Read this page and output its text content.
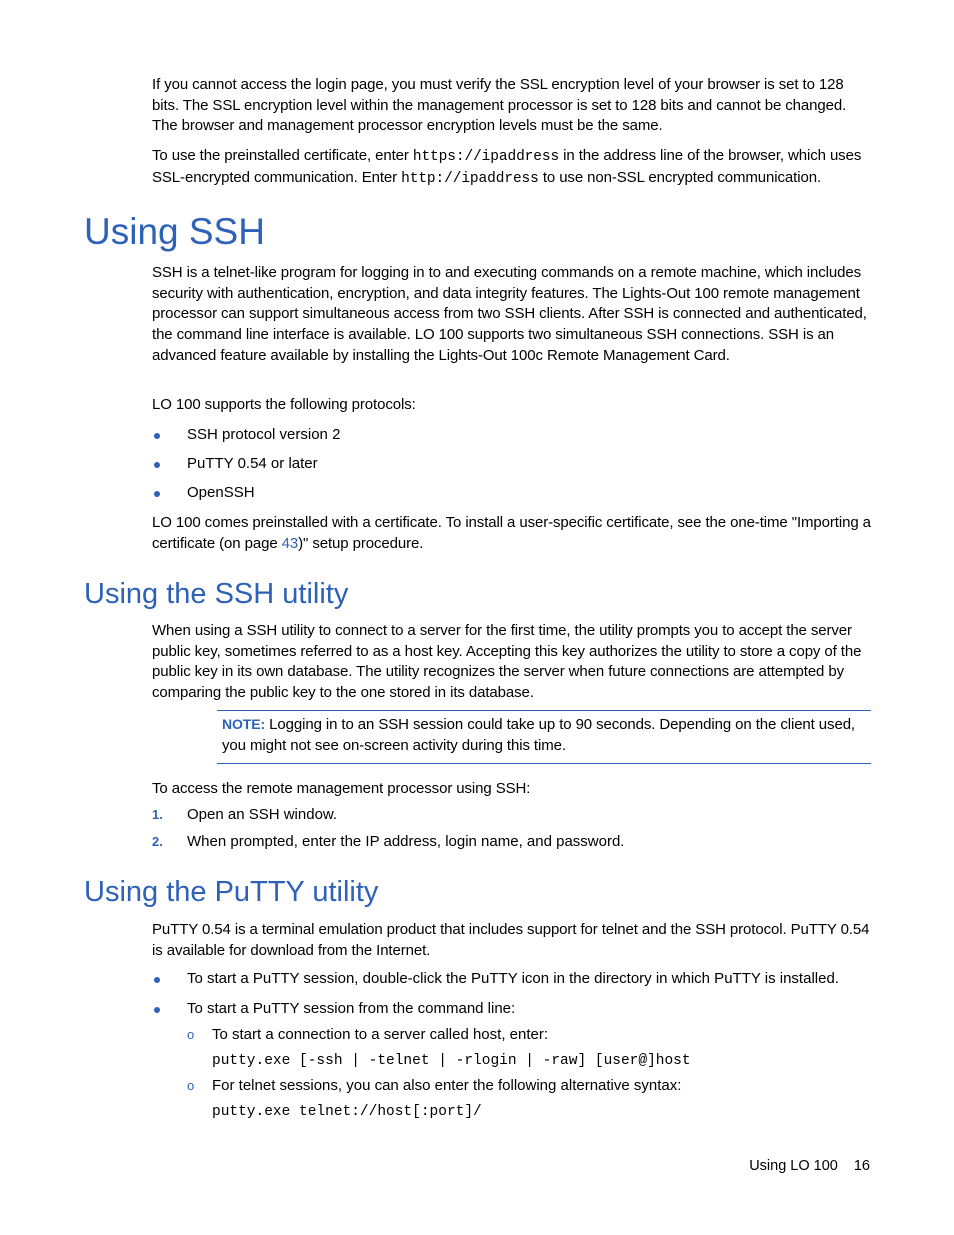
If you cannot access the login page, you must verify the SSL encryption level of your browser is set to 128 bits. The SSL encryption level within the management processor is set to 128 bits and cannot be changed. The browser and management processor encryption levels must be the same.

To use the preinstalled certificate, enter https://ipaddress in the address line of the browser, which uses SSL-encrypted communication. Enter http://ipaddress to use non-SSL encrypted communication.

Using SSH

SSH is a telnet-like program for logging in to and executing commands on a remote machine, which includes security with authentication, encryption, and data integrity features. The Lights-Out 100 remote management processor can support simultaneous access from two SSH clients. After SSH is connected and authenticated, the command line interface is available. LO 100 supports two simultaneous SSH connections. SSH is an advanced feature available by installing the Lights-Out 100c Remote Management Card.

LO 100 supports the following protocols:

SSH protocol version 2
PuTTY 0.54 or later
OpenSSH

LO 100 comes preinstalled with a certificate. To install a user-specific certificate, see the one-time "Importing a certificate (on page 43)" setup procedure.

Using the SSH utility

When using a SSH utility to connect to a server for the first time, the utility prompts you to accept the server public key, sometimes referred to as a host key. Accepting this key authorizes the utility to store a copy of the public key in its own database. The utility recognizes the server when future connections are attempted by comparing the public key to the one stored in its database.

NOTE: Logging in to an SSH session could take up to 90 seconds. Depending on the client used, you might not see on-screen activity during this time.

To access the remote management processor using SSH:

1. Open an SSH window.
2. When prompted, enter the IP address, login name, and password.
Using the PuTTY utility

PuTTY 0.54 is a terminal emulation product that includes support for telnet and the SSH protocol. PuTTY 0.54 is available for download from the Internet.

To start a PuTTY session, double-click the PuTTY icon in the directory in which PuTTY is installed.
To start a PuTTY session from the command line:
o To start a connection to a server called host, enter:
putty.exe [-ssh | -telnet | -rlogin | -raw] [user@]host
o For telnet sessions, you can also enter the following alternative syntax:
putty.exe telnet://host[:port]/
Using LO 100 16
